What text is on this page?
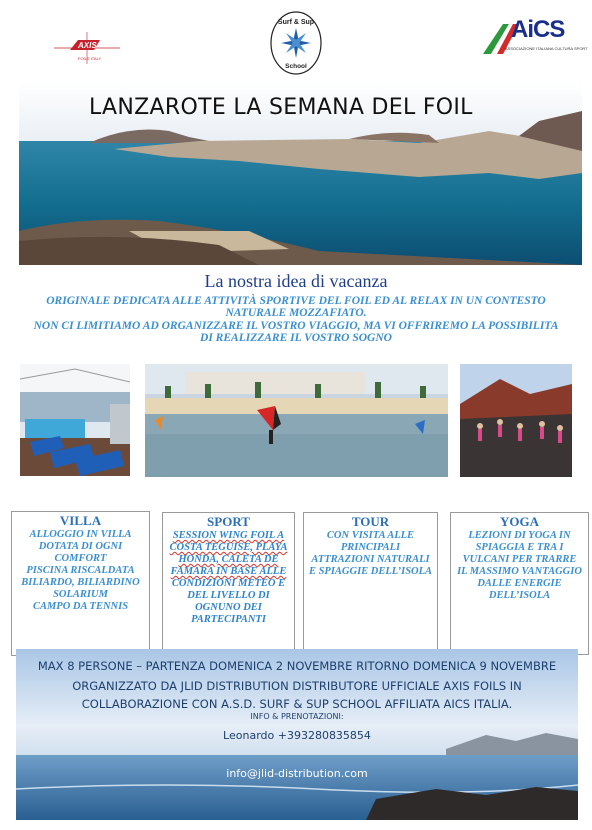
AXIS
FOILS ITALY
Surf & Sup
School
AiCS
ASSOCIAZIONE ITALIANA CULTURA SPORT
LANZAROTE LA SEMANA DEL FOIL
La nostra idea di vacanza
ORIGINALE DEDICATA ALLE ATTIVITÀ SPORTIVE DEL FOIL ED AL RELAX IN UN CONTESTO
NATURALE MOZZAFIATO.
NON CI LIMITIAMO AD ORGANIZZARE IL VOSTRO VIAGGIO, MA VI OFFRIREMO LA POSSIBILITA
DI REALIZZARE IL VOSTRO SOGNO
VILLA
ALLOGGIO IN VILLA
DOTATA DI OGNI
COMFORT
PISCINA RISCALDATA
BILIARDO, BILIARDINO
SOLARIUM
CAMPO DA TENNIS
SPORT
SESSION WING FOIL A
COSTA TEGUISE, PLAYA
HONDA, CALETA DE
FAMARA IN BASE ALLE
CONDIZIONI METEO E
DEL LIVELLO DI
OGNUNO DEI
PARTECIPANTI
TOUR
CON VISITA ALLE
PRINCIPALI
ATTRAZIONI NATURALI
E SPIAGGIE DELL’ISOLA
YOGA
LEZIONI DI YOGA IN
SPIAGGIA E TRA I
VULCANI PER TRARRE
IL MASSIMO VANTAGGIO
DALLE ENERGIE
DELL’ISOLA
MAX 8 PERSONE – PARTENZA DOMENICA 2 NOVEMBRE RITORNO DOMENICA 9 NOVEMBRE
ORGANIZZATO DA JLID DISTRIBUTION DISTRIBUTORE UFFICIALE AXIS FOILS IN
COLLABORAZIONE CON A.S.D. SURF & SUP SCHOOL AFFILIATA AICS ITALIA.
INFO & PRENOTAZIONI:
Leonardo +393280835854
info@jlid-distribution.com
